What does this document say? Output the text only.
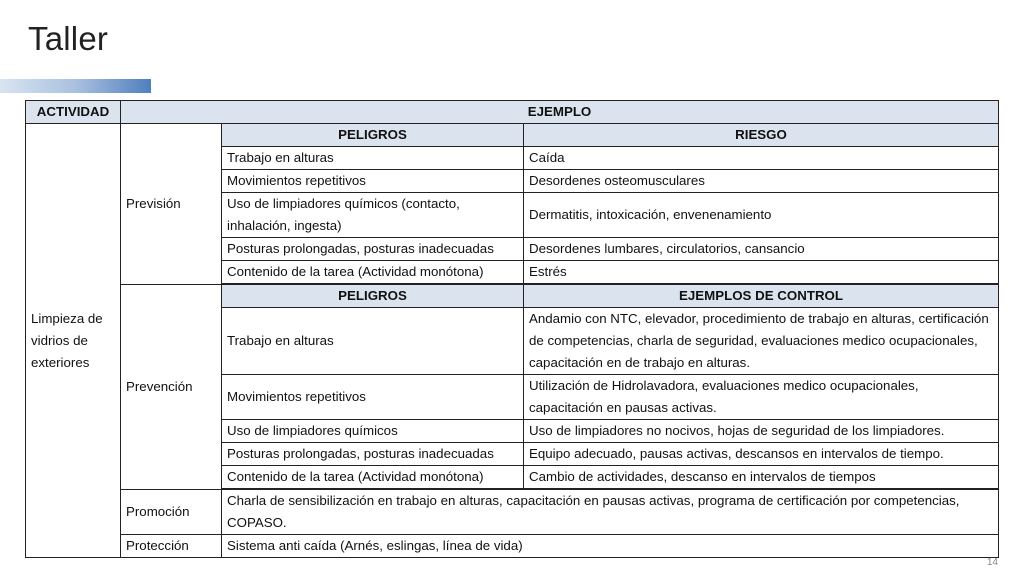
Taller
ACTIVIDAD	EJEMPLO		
Limpieza de vidrios de exteriores	Previsión	PELIGROS	RIESGO
		Trabajo en alturas	Caída
		Movimientos repetitivos	Desordenes osteomusculares
		Uso de limpiadores químicos (contacto, inhalación, ingesta)	Dermatitis, intoxicación, envenenamiento
		Posturas prolongadas, posturas inadecuadas	Desordenes lumbares, circulatorios, cansancio
		Contenido de la tarea (Actividad monótona)	Estrés

	Prevención	PELIGROS	EJEMPLOS DE CONTROL
		Trabajo en alturas	Andamio con NTC, elevador, procedimiento de trabajo en alturas, certificación de competencias, charla de seguridad, evaluaciones medico ocupacionales, capacitación en de trabajo en alturas.
		Movimientos repetitivos	Utilización de Hidrolavadora, evaluaciones medico ocupacionales, capacitación en pausas activas.
		Uso de limpiadores químicos	Uso de limpiadores no nocivos, hojas de seguridad de los limpiadores.
		Posturas prolongadas, posturas inadecuadas	Equipo adecuado, pausas activas, descansos en intervalos de tiempo.
		Contenido de la tarea (Actividad monótona)	Cambio de actividades, descanso en intervalos de tiempos

	Promoción	Charla de sensibilización en trabajo en alturas, capacitación en pausas activas, programa de certificación por competencias, COPASO.	
	Protección	Sistema anti caída (Arnés, eslingas, línea de vida)	
14
